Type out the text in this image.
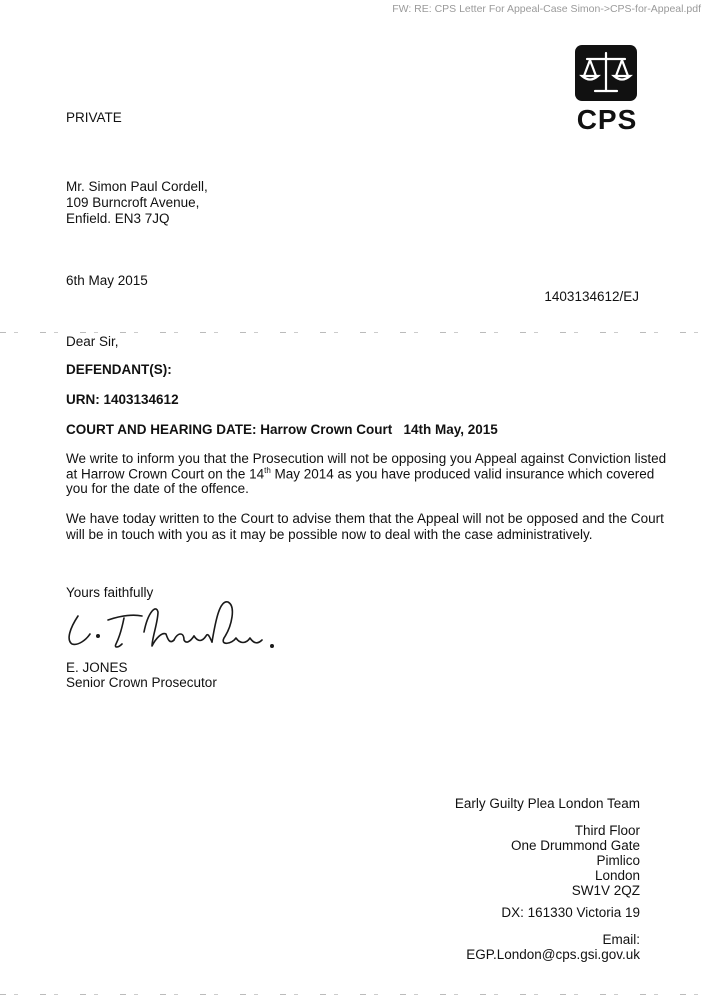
FW: RE: CPS Letter For Appeal-Case Simon->CPS-for-Appeal.pdf
CPS
PRIVATE
Mr. Simon Paul Cordell,
109 Burncroft Avenue,
Enfield. EN3 7JQ
6th May 2015
1403134612/EJ
Dear Sir,
DEFENDANT(S):
URN: 1403134612
COURT AND HEARING DATE: Harrow Crown Court   14th May, 2015
We write to inform you that the Prosecution will not be opposing you Appeal against Conviction listed
at Harrow Crown Court on the 14th May 2014 as you have produced valid insurance which covered
you for the date of the offence.
We have today written to the Court to advise them that the Appeal will not be opposed and the Court
will be in touch with you as it may be possible now to deal with the case administratively.
Yours faithfully
E. JONES
Senior Crown Prosecutor
Early Guilty Plea London Team
Third Floor
One Drummond Gate
Pimlico
London
SW1V 2QZ
DX: 161330 Victoria 19
Email:
EGP.London@cps.gsi.gov.uk
